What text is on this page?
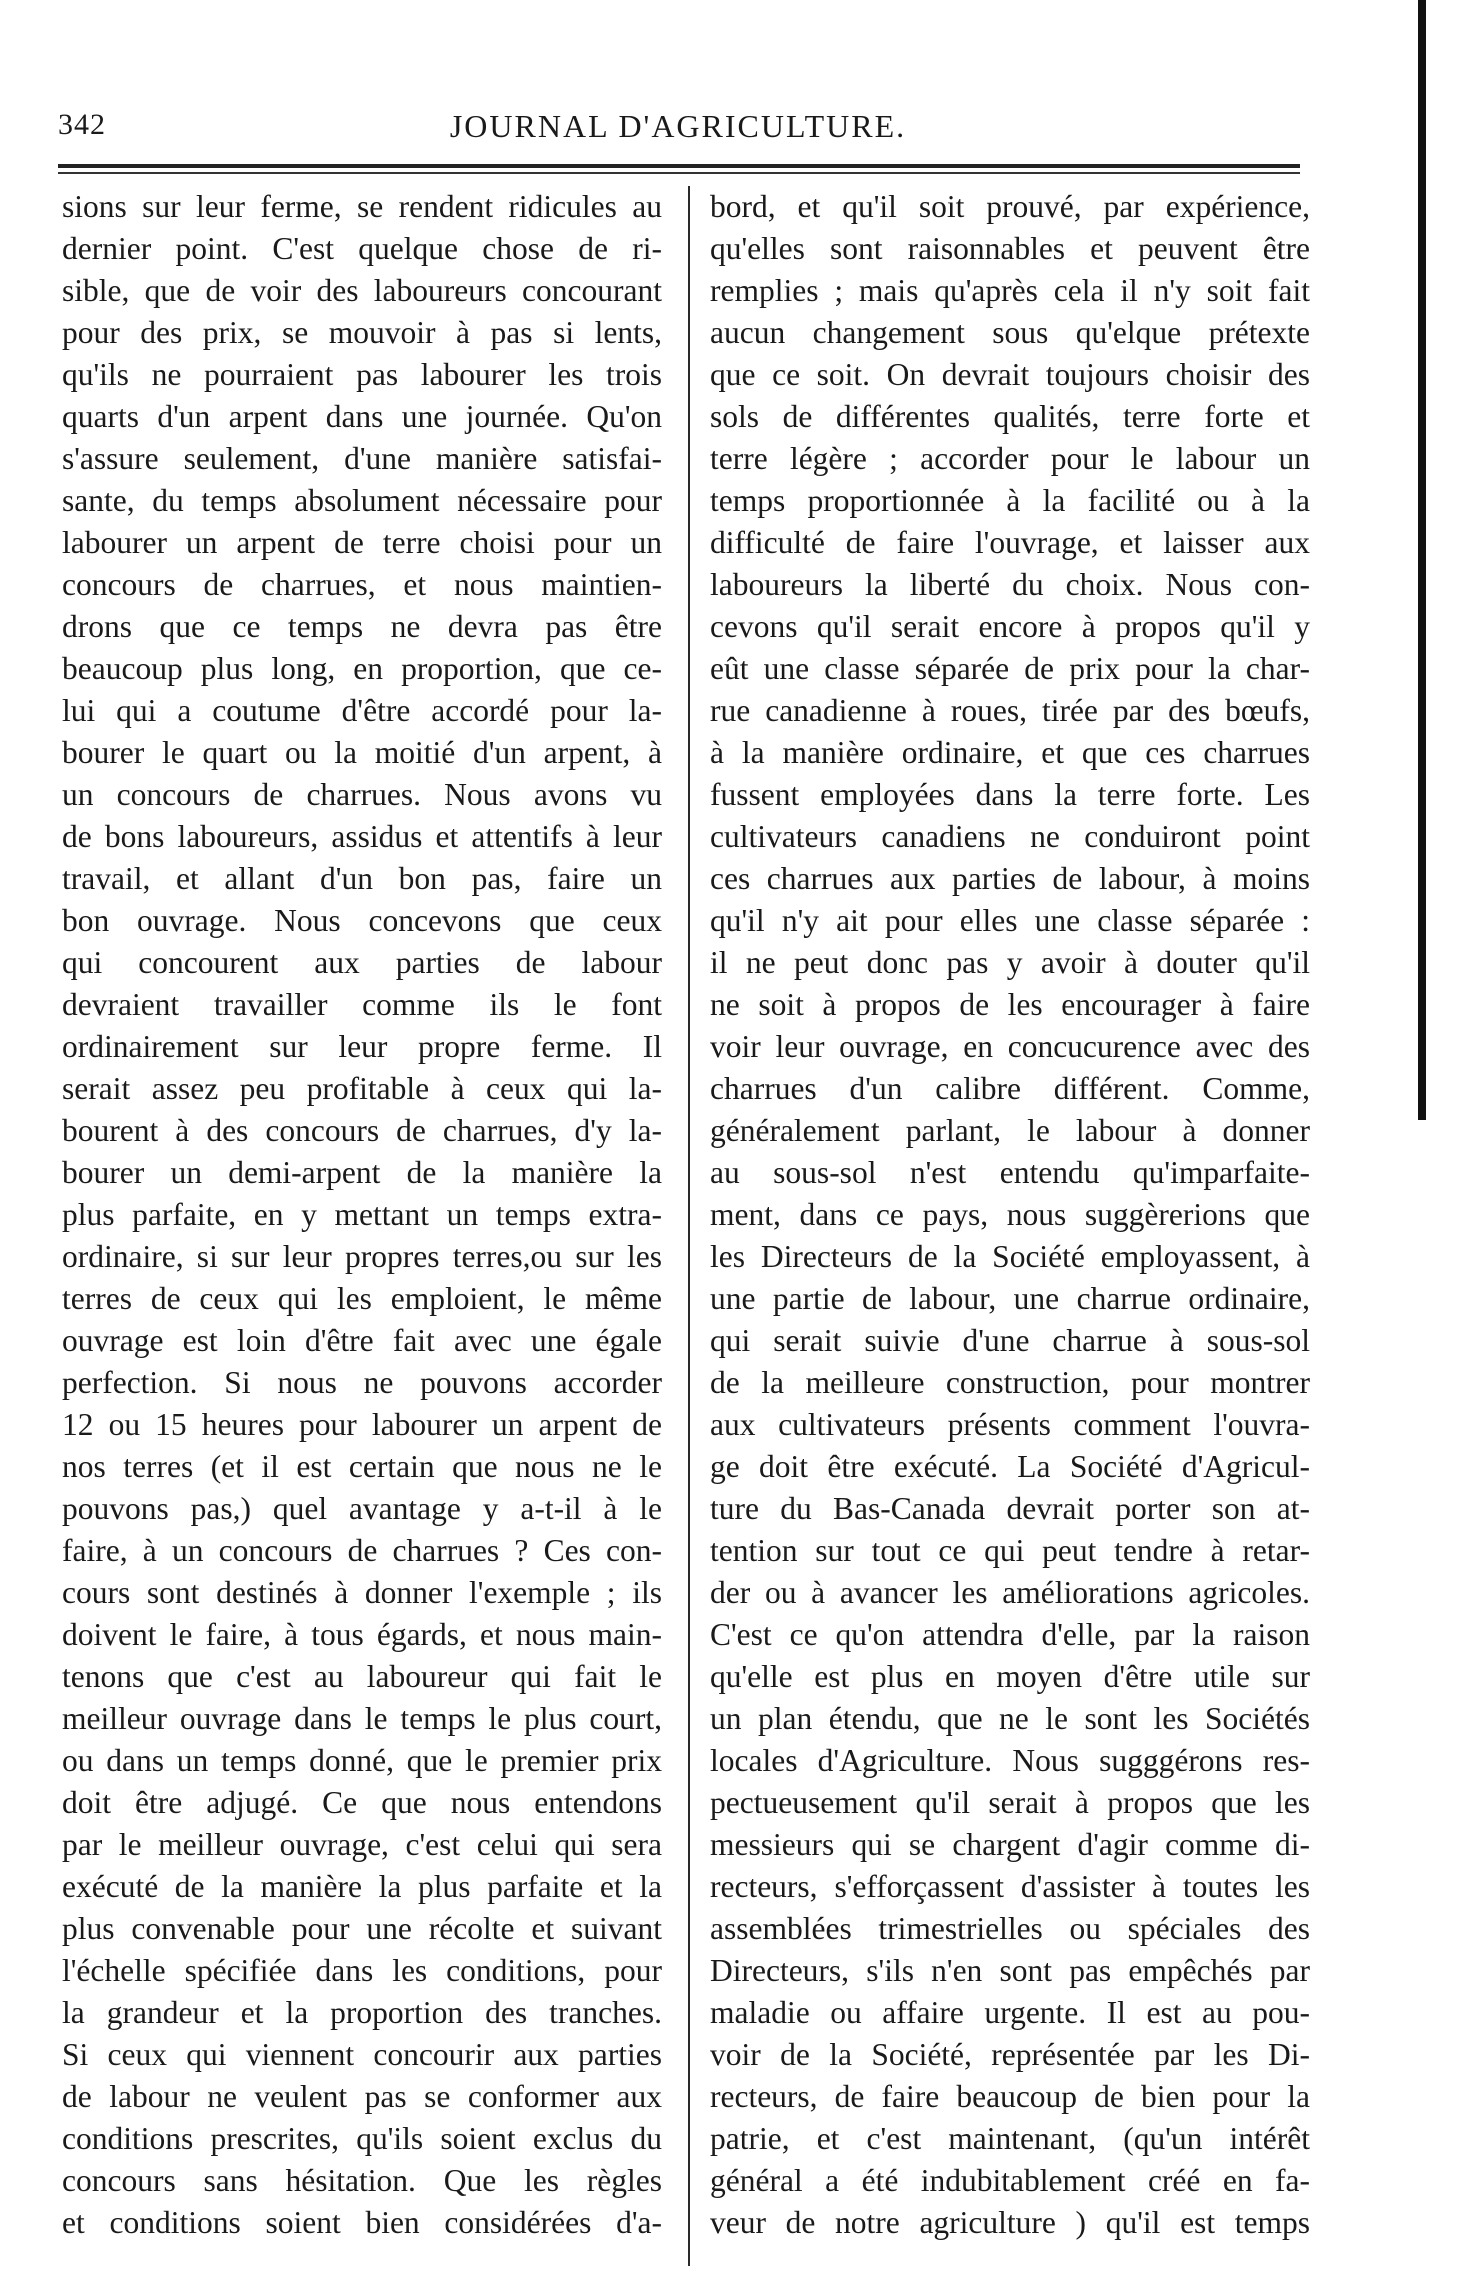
342	JOURNAL D'AGRICULTURE.
sions sur leur ferme, se rendent ridicules au
dernier point. C'est quelque chose de ri-
sible, que de voir des laboureurs concourant
pour des prix, se mouvoir à pas si lents,
qu'ils ne pourraient pas labourer les trois
quarts d'un arpent dans une journée. Qu'on
s'assure seulement, d'une manière satisfai-
sante, du temps absolument nécessaire pour
labourer un arpent de terre choisi pour un
concours de charrues, et nous maintien-
drons que ce temps ne devra pas être
beaucoup plus long, en proportion, que ce-
lui qui a coutume d'être accordé pour la-
bourer le quart ou la moitié d'un arpent, à
un concours de charrues. Nous avons vu
de bons laboureurs, assidus et attentifs à leur
travail, et allant d'un bon pas, faire un
bon ouvrage. Nous concevons que ceux
qui concourent aux parties de labour
devraient travailler comme ils le font
ordinairement sur leur propre ferme. Il
serait assez peu profitable à ceux qui la-
bourent à des concours de charrues, d'y la-
bourer un demi-arpent de la manière la
plus parfaite, en y mettant un temps extra-
ordinaire, si sur leur propres terres,ou sur les
terres de ceux qui les emploient, le même
ouvrage est loin d'être fait avec une égale
perfection. Si nous ne pouvons accorder
12 ou 15 heures pour labourer un arpent de
nos terres (et il est certain que nous ne le
pouvons pas,) quel avantage y a-t-il à le
faire, à un concours de charrues ? Ces con-
cours sont destinés à donner l'exemple ; ils
doivent le faire, à tous égards, et nous main-
tenons que c'est au laboureur qui fait le
meilleur ouvrage dans le temps le plus court,
ou dans un temps donné, que le premier prix
doit être adjugé. Ce que nous entendons
par le meilleur ouvrage, c'est celui qui sera
exécuté de la manière la plus parfaite et la
plus convenable pour une récolte et suivant
l'échelle spécifiée dans les conditions, pour
la grandeur et la proportion des tranches.
Si ceux qui viennent concourir aux parties
de labour ne veulent pas se conformer aux
conditions prescrites, qu'ils soient exclus du
concours sans hésitation. Que les règles
et conditions soient bien considérées d'a-
bord, et qu'il soit prouvé, par expérience,
qu'elles sont raisonnables et peuvent être
remplies ; mais qu'après cela il n'y soit fait
aucun changement sous qu'elque prétexte
que ce soit. On devrait toujours choisir des
sols de différentes qualités, terre forte et
terre légère ; accorder pour le labour un
temps proportionnée à la facilité ou à la
difficulté de faire l'ouvrage, et laisser aux
laboureurs la liberté du choix. Nous con-
cevons qu'il serait encore à propos qu'il y
eût une classe séparée de prix pour la char-
rue canadienne à roues, tirée par des bœufs,
à la manière ordinaire, et que ces charrues
fussent employées dans la terre forte. Les
cultivateurs canadiens ne conduiront point
ces charrues aux parties de labour, à moins
qu'il n'y ait pour elles une classe séparée :
il ne peut donc pas y avoir à douter qu'il
ne soit à propos de les encourager à faire
voir leur ouvrage, en concucurence avec des
charrues d'un calibre différent. Comme,
généralement parlant, le labour à donner
au sous-sol n'est entendu qu'imparfaite-
ment, dans ce pays, nous suggèrerions que
les Directeurs de la Société employassent, à
une partie de labour, une charrue ordinaire,
qui serait suivie d'une charrue à sous-sol
de la meilleure construction, pour montrer
aux cultivateurs présents comment l'ouvra-
ge doit être exécuté. La Société d'Agricul-
ture du Bas-Canada devrait porter son at-
tention sur tout ce qui peut tendre à retar-
der ou à avancer les améliorations agricoles.
C'est ce qu'on attendra d'elle, par la raison
qu'elle est plus en moyen d'être utile sur
un plan étendu, que ne le sont les Sociétés
locales d'Agriculture. Nous sugggérons res-
pectueusement qu'il serait à propos que les
messieurs qui se chargent d'agir comme di-
recteurs, s'efforçassent d'assister à toutes les
assemblées trimestrielles ou spéciales des
Directeurs, s'ils n'en sont pas empêchés par
maladie ou affaire urgente. Il est au pou-
voir de la Société, représentée par les Di-
recteurs, de faire beaucoup de bien pour la
patrie, et c'est maintenant, (qu'un intérêt
général a été indubitablement créé en fa-
veur de notre agriculture ) qu'il est temps
